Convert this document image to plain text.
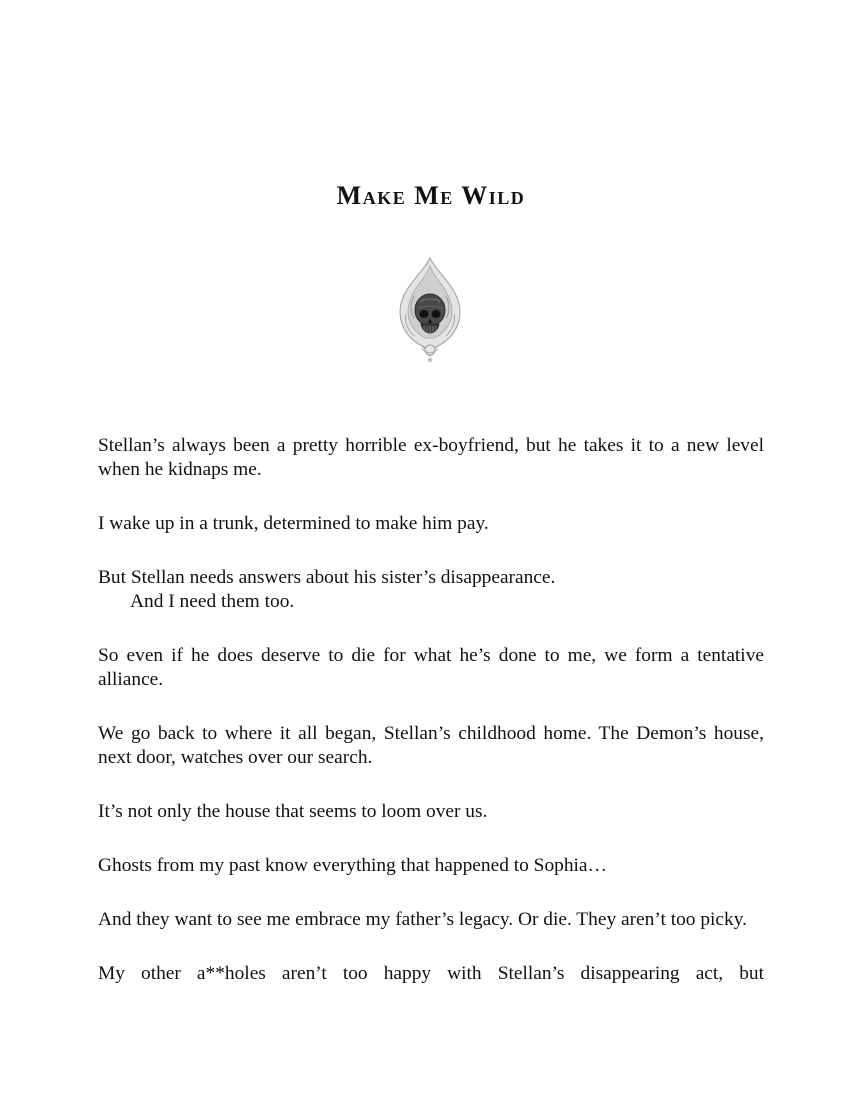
Make Me Wild

Stellan’s always been a pretty horrible ex-boyfriend, but he takes it to a new level when he kidnaps me.

I wake up in a trunk, determined to make him pay.

But Stellan needs answers about his sister’s disappearance.

And I need them too.

So even if he does deserve to die for what he’s done to me, we form a tentative alliance.

We go back to where it all began, Stellan’s childhood home. The Demon’s house, next door, watches over our search.

It’s not only the house that seems to loom over us.

Ghosts from my past know everything that happened to Sophia…

And they want to see me embrace my father’s legacy. Or die. They aren’t too picky.

My other a**holes aren’t too happy with Stellan’s disappearing act, but
